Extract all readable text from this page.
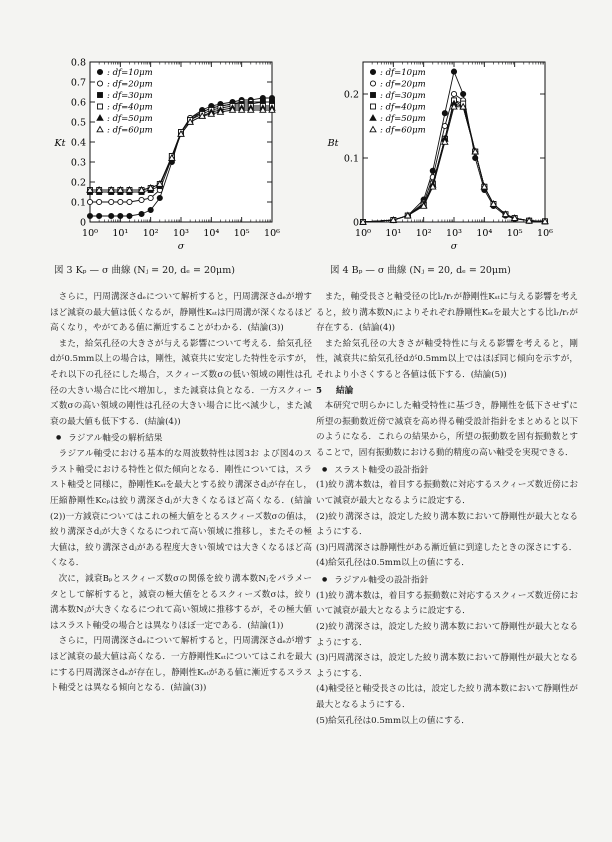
10⁰ 10¹ 10² 10³ 10⁴ 10⁵ 10⁶
0
0.1
0.2
0.3
0.4
0.5
0.6
0.7
0.8
Kt
σ
: df=10μm
: df=20μm
: df=30μm
: df=40μm
: df=50μm
: df=60μm
図 3 Kₚ — σ 曲線 (Nⱼ = 20, dₑ = 20μm)
10⁰ 10¹ 10² 10³ 10⁴ 10⁵ 10⁶
0
0.1
0.2
Bt
σ
: df=10μm
: df=20μm
: df=30μm
: df=40μm
: df=50μm
: df=60μm
図 4 Bₚ — σ 曲線 (Nⱼ = 20, dₑ = 20μm)

さらに，円周溝深さdₑについて解析すると，円周溝深さdₑが増すほど減衰の最大値は低くなるが，静剛性Kₛₜは円周溝が深くなるほど高くなり，やがてある値に漸近することがわかる．(結論(3))

また，給気孔径の大きさが与える影響について考える．給気孔径dが0.5mm以上の場合は，剛性，減衰共に安定した特性を示すが，それ以下の孔径にした場合，スクィーズ数σの低い領域の剛性は孔径の大きい場合に比べ増加し，また減衰は負となる．一方スクィーズ数σの高い領域の剛性は孔径の大きい場合に比べ減少し，また減衰の最大値も低下する．(結論(4))

● ラジアル軸受の解析結果

ラジアル軸受における基本的な周波数特性は図3お よび図4のスラスト軸受における特性と似た傾向となる．剛性については，スラスト軸受と同様に，静剛性Kₛₜを最大とする絞り溝深さdⱼが存在し，圧縮静剛性Kcₚは絞り溝深さdⱼが大きくなるほど高くなる．(結論(2))一方減衰についてはこれの極大値をとるスクィーズ数σの値は，絞り溝深さdⱼが大きくなるにつれて高い領域に推移し，またその極大値は，絞り溝深さdⱼがある程度大きい領域では大きくなるほど高くなる．

次に，減衰Bₚとスクィーズ数σの関係を絞り溝本数Nⱼをパラメータとして解析すると，減衰の極大値をとるスクィーズ数σは，絞り溝本数Nⱼが大きくなるにつれて高い領域に推移するが，その極大値はスラスト軸受の場合とは異なりほぼ一定である．(結論(1))

さらに，円周溝深さdₑについて解析すると，円周溝深さdₑが増すほど減衰の最大値は高くなる．一方静剛性Kₛₜについてはこれを最大にする円周溝深さdₑが存在し，静剛性Kₛₜがある値に漸近するスラスト軸受とは異なる傾向となる．(結論(3))

また，軸受長さと軸受径の比lᵣ/rᵣが静剛性Kₛₜに与える影響を考えると，絞り溝本数Nⱼによりそれぞれ静剛性Kₛₜを最大とする比lᵣ/rᵣが存在する．(結論(4))

また給気孔径の大きさが軸受特性に与える影響を考えると，剛性，減衰共に給気孔径dが0.5mm以上ではほぼ同じ傾向を示すが，それより小さくすると各値は低下する．(結論(5))

5 結論

本研究で明らかにした軸受特性に基づき，静剛性を低下させずに所望の振動数近傍で減衰を高め得る軸受設計指針をまとめると以下のようになる．これらの結果から，所望の振動数を固有振動数とすることで，固有振動数における動的精度の高い軸受を実現できる．

● スラスト軸受の設計指針

(1)絞り溝本数は，着目する振動数に対応するスクィーズ数近傍において減衰が最大となるように設定する．

(2)絞り溝深さは，設定した絞り溝本数において静剛性が最大となるようにする．

(3)円周溝深さは静剛性がある漸近値に到達したときの深さにする．

(4)給気孔径は0.5mm以上の値にする．

● ラジアル軸受の設計指針

(1)絞り溝本数は，着目する振動数に対応するスクィーズ数近傍において減衰が最大となるように設定する．

(2)絞り溝深さは，設定した絞り溝本数において静剛性が最大となるようにする．

(3)円周溝深さは，設定した絞り溝本数において静剛性が最大となるようにする．

(4)軸受径と軸受長さの比は，設定した絞り溝本数において静剛性が最大となるようにする．

(5)給気孔径は0.5mm以上の値にする．
